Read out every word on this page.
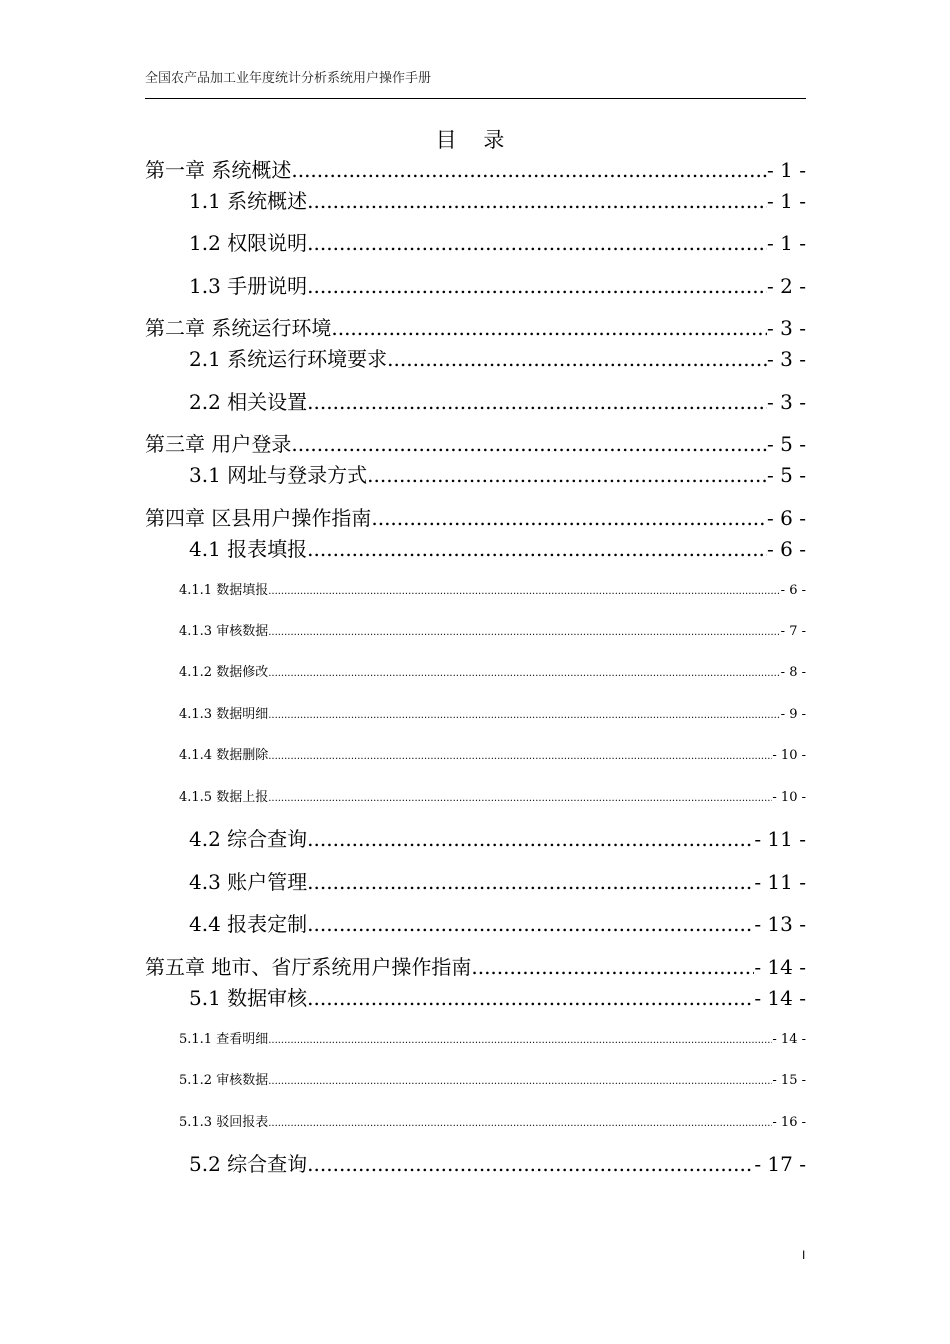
全国农产品加工业年度统计分析系统用户操作手册
目 录
第一章 系统概述 .....	- 1 -
1.1 系统概述 .....	- 1 -
1.2 权限说明 .....	- 1 -
1.3 手册说明 .....	- 2 -
第二章 系统运行环境 .....	- 3 -
2.1 系统运行环境要求 .....	- 3 -
2.2 相关设置 .....	- 3 -
第三章 用户登录 .....	- 5 -
3.1 网址与登录方式 .....	- 5 -
第四章 区县用户操作指南 .....	- 6 -
4.1 报表填报 .....	- 6 -
4.1.1 数据填报 .....	- 6 -
4.1.3 审核数据 .....	- 7 -
4.1.2 数据修改 .....	- 8 -
4.1.3 数据明细 .....	- 9 -
4.1.4 数据删除 .....	- 10 -
4.1.5 数据上报 .....	- 10 -
4.2 综合查询 .....	- 11 -
4.3 账户管理 .....	- 11 -
4.4 报表定制 .....	- 13 -
第五章 地市、省厅系统用户操作指南 .....	- 14 -
5.1 数据审核 .....	- 14 -
5.1.1 查看明细 .....	- 14 -
5.1.2 审核数据 .....	- 15 -
5.1.3 驳回报表 .....	- 16 -
5.2 综合查询 .....	- 17 -
I
